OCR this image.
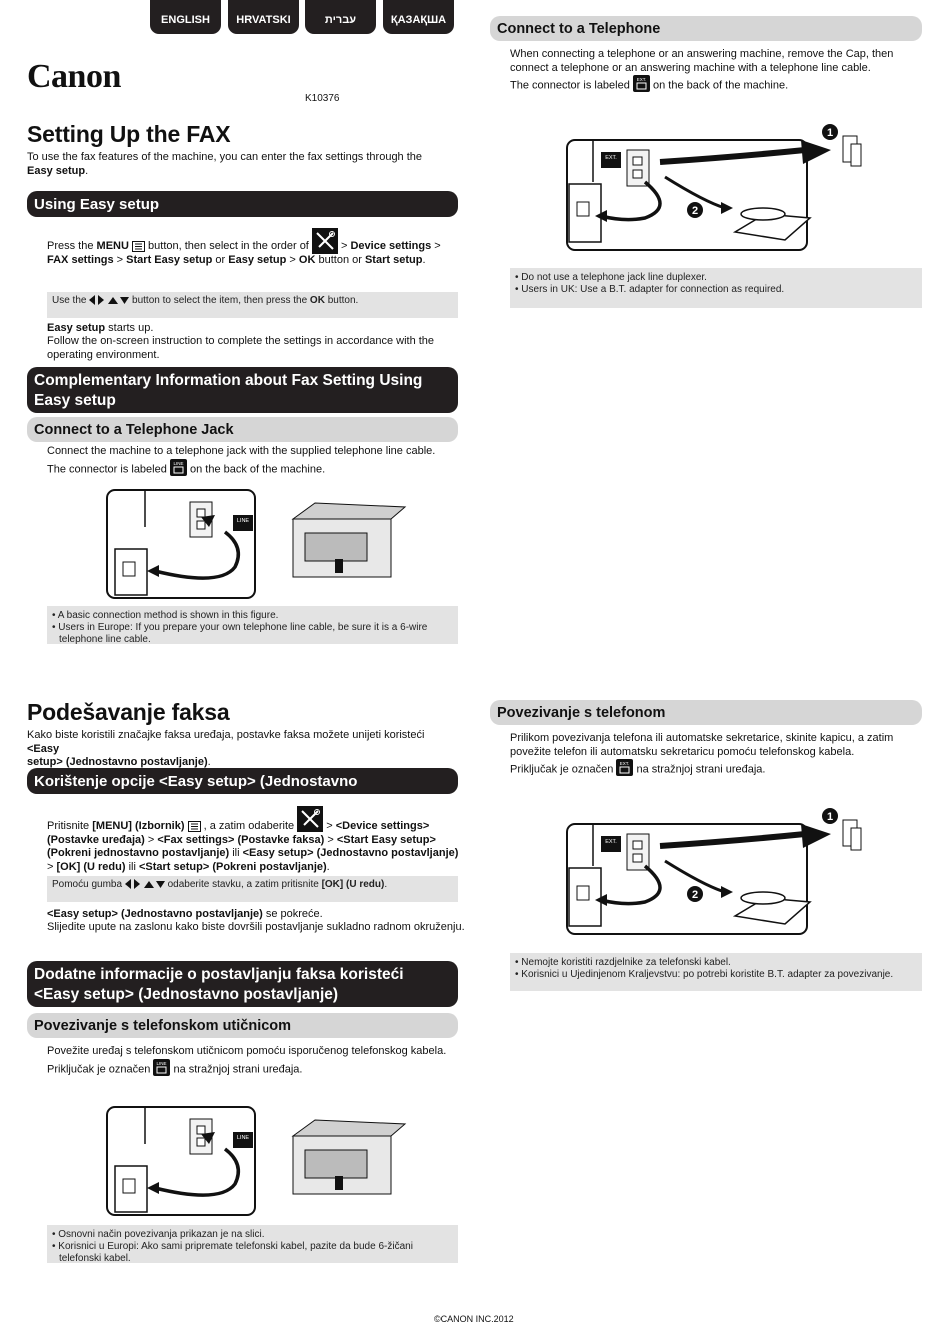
ENGLISH	HRVATSKI	עברית	ҚАЗАҚША
Canon
K10376
Setting Up the FAX
To use the fax features of the machine, you can enter the fax settings through the Easy setup.
Using Easy setup
Press the MENU  button, then select in the order of  > Device settings >
FAX settings > Start Easy setup or Easy setup > OK button or Start setup.
Use the	button to select the item, then press the OK button.
Easy setup starts up.
Follow the on-screen instruction to complete the settings in accordance with the operating environment.
Complementary Information about Fax Setting Using Easy setup
Connect to a Telephone Jack
Connect the machine to a telephone jack with the supplied telephone line cable.
The connector is labeled LINE on the back of the machine.
LINE
• A basic connection method is shown in this figure.
• Users in Europe: If you prepare your own telephone line cable, be sure it is a 6-wire telephone line cable.
Connect to a Telephone
When connecting a telephone or an answering machine, remove the Cap, then connect a telephone or an answering machine with a telephone line cable.
The connector is labeled EXT. on the back of the machine.
EXT.
2
1
• Do not use a telephone jack line duplexer.
• Users in UK: Use a B.T. adapter for connection as required.
Podešavanje faksa
Kako biste koristili značajke faksa uređaja, postavke faksa možete unijeti koristeći <Easy
setup> (Jednostavno postavljanje).
Korištenje opcije <Easy setup> (Jednostavno postavljanje)
Pritisnite [MENU] (Izbornik)  , a zatim odaberite  > <Device settings>
(Postavke uređaja) > <Fax settings> (Postavke faksa) > <Start Easy setup>
(Pokreni jednostavno postavljanje) ili <Easy setup> (Jednostavno postavljanje)
> [OK] (U redu) ili <Start setup> (Pokreni postavljanje).
Pomoću gumba	odaberite stavku, a zatim pritisnite [OK] (U redu).
<Easy setup> (Jednostavno postavljanje) se pokreće.
Slijedite upute na zaslonu kako biste dovršili postavljanje sukladno radnom okruženju.
Dodatne informacije o postavljanju faksa koristeći <Easy setup> (Jednostavno postavljanje)
Povezivanje s telefonskom utičnicom
Povežite uređaj s telefonskom utičnicom pomoću isporučenog telefonskog kabela.
Priključak je označen LINE na stražnjoj strani uređaja.
LINE
• Osnovni način povezivanja prikazan je na slici.
• Korisnici u Europi: Ako sami pripremate telefonski kabel, pazite da bude 6-žičani telefonski kabel.
Povezivanje s telefonom
Prilikom povezivanja telefona ili automatske sekretarice, skinite kapicu, a zatim povežite telefon ili automatsku sekretaricu pomoću telefonskog kabela.
Priključak je označen EXT. na stražnjoj strani uređaja.
EXT.
2
1
• Nemojte koristiti razdjelnike za telefonski kabel.
• Korisnici u Ujedinjenom Kraljevstvu: po potrebi koristite B.T. adapter za povezivanje.
©CANON INC.2012
